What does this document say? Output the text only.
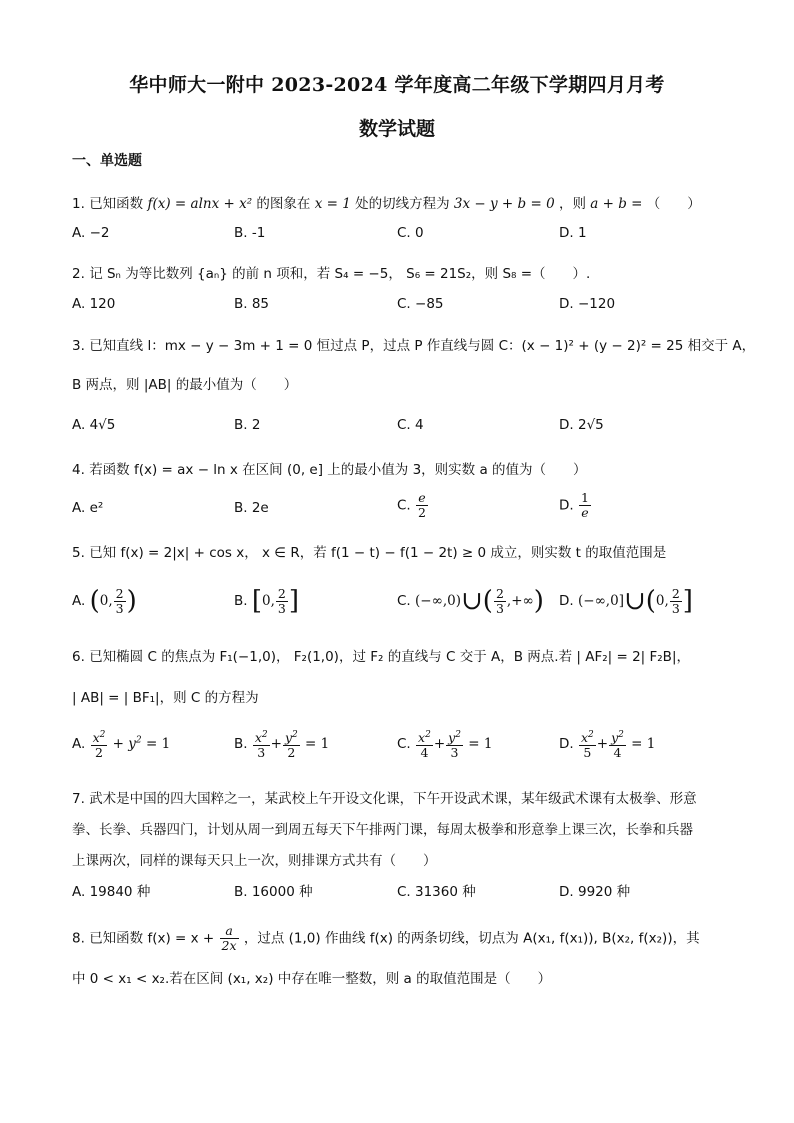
华中师大一附中 2023-2024 学年度高二年级下学期四月月考
数学试题
一、单选题
1. 已知函数 f(x) = alnx + x² 的图象在 x = 1 处的切线方程为 3x − y + b = 0 ，则 a + b = （　　）
A. −2	B. -1	C. 0	D. 1
2. 记 Sₙ 为等比数列 {aₙ} 的前 n 项和，若 S₄ = −5， S₆ = 21S₂，则 S₈ =（　　）.
A. 120	B. 85	C. −85	D. −120
3. 已知直线 l：mx − y − 3m + 1 = 0 恒过点 P，过点 P 作直线与圆 C：(x − 1)² + (y − 2)² = 25 相交于 A，
B 两点，则 |AB| 的最小值为（　　）
A. 4√5	B. 2	C. 4	D. 2√5
4. 若函数 f(x) = ax − ln x 在区间 (0, e] 上的最小值为 3，则实数 a 的值为（　　）
A. e²	B. 2e	C. $\frac{e}{2}$	D. $\frac{1}{e}$
5. 已知 f(x) = 2|x| + cos x， x ∈ R，若 f(1 − t) − f(1 − 2t) ≥ 0 成立，则实数 t 的取值范围是
A. (0, $\frac{2}{3}$ )	B. [0, $\frac{2}{3}$ ]	C. (−∞,0)∪( $\frac{2}{3}$ ,+∞) D. (−∞,0]∪(0, $\frac{2}{3}$ ]
6. 已知椭圆 C 的焦点为 F₁(−1,0)， F₂(1,0)，过 F₂ 的直线与 C 交于 A，B 两点.若 | AF₂| = 2| F₂B|，
| AB| = | BF₁|，则 C 的方程为
A. $\frac{x^2}{2} + y^2 = 1$	B. $\frac{x^2}{3} + \frac{y^2}{2} = 1$	C. $\frac{x^2}{4} + \frac{y^2}{3} = 1$	D. $\frac{x^2}{5} + \frac{y^2}{4} = 1$
7. 武术是中国的四大国粹之一，某武校上午开设文化课，下午开设武术课，某年级武术课有太极拳、形意
拳、长拳、兵器四门，计划从周一到周五每天下午排两门课，每周太极拳和形意拳上课三次，长拳和兵器
上课两次，同样的课每天只上一次，则排课方式共有（　　）
A. 19840 种	B. 16000 种	C. 31360 种	D. 9920 种
8. 已知函数 $f(x) = x + \frac{a}{2x}$ ，过点 (1,0) 作曲线 f(x) 的两条切线，切点为 A(x₁, f(x₁)), B(x₂, f(x₂))，其
中 0 < x₁ < x₂.若在区间 (x₁, x₂) 中存在唯一整数，则 a 的取值范围是（　　）
